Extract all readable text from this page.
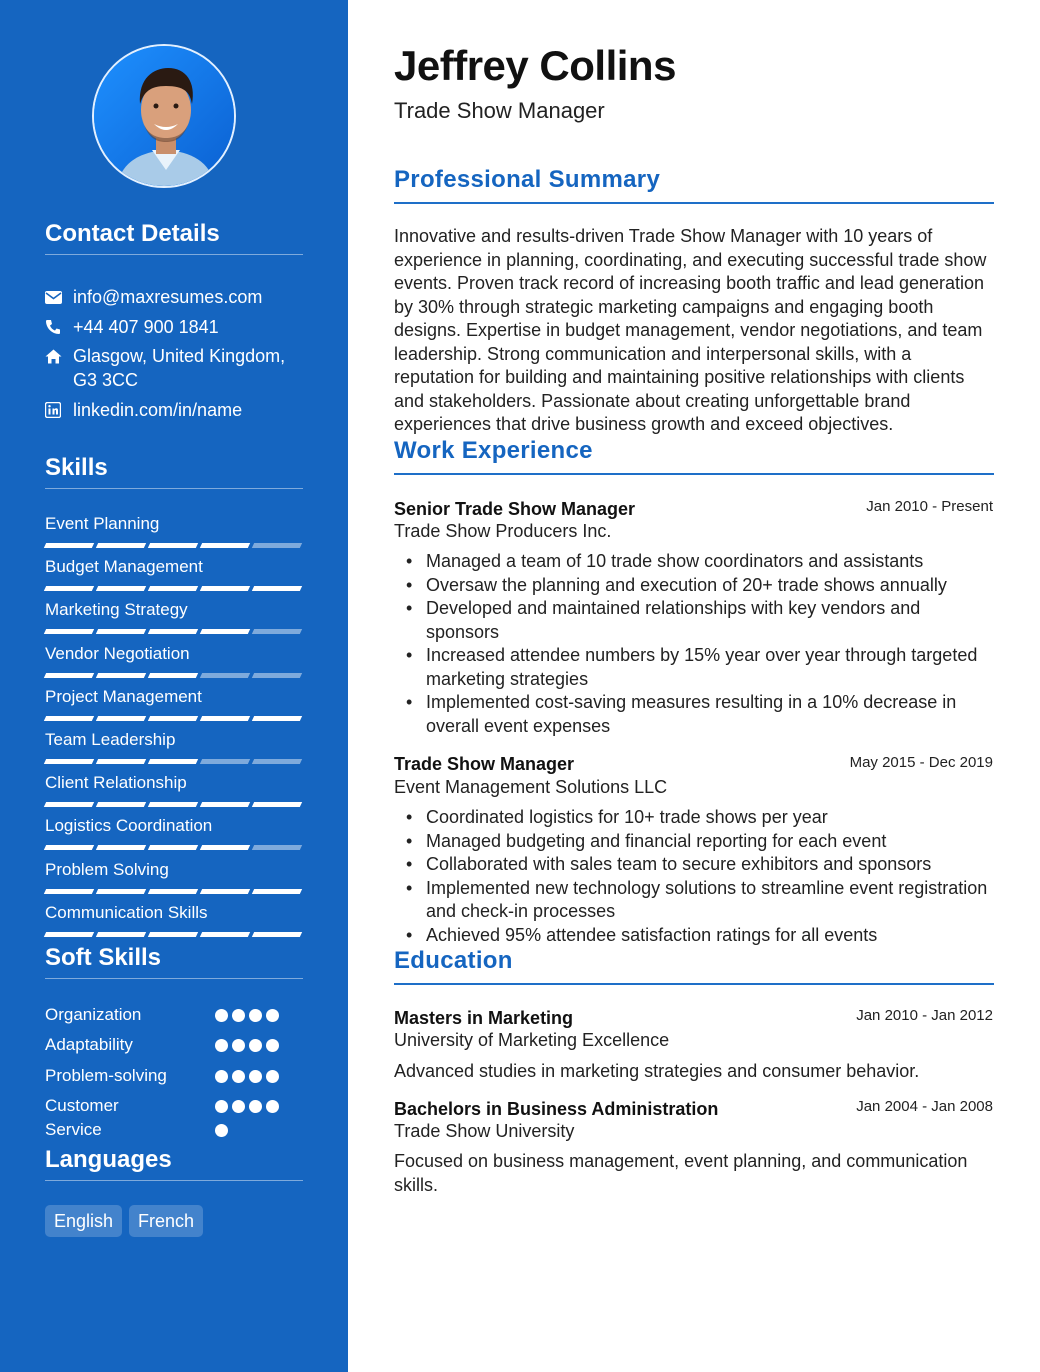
Contact Details
info@maxresumes.com
+44 407 900 1841
Glasgow, United Kingdom, G3 3CC
linkedin.com/in/name
Skills
Event Planning
Budget Management
Marketing Strategy
Vendor Negotiation
Project Management
Team Leadership
Client Relationship
Logistics Coordination
Problem Solving
Communication Skills
Soft Skills
Organization
Adaptability
Problem-solving
Customer Service
Languages
English	French
Jeffrey Collins
Trade Show Manager
Professional Summary
Innovative and results-driven Trade Show Manager with 10 years of experience in planning, coordinating, and executing successful trade show events. Proven track record of increasing booth traffic and lead generation by 30% through strategic marketing campaigns and engaging booth designs. Expertise in budget management, vendor negotiations, and team leadership. Strong communication and interpersonal skills, with a reputation for building and maintaining positive relationships with clients and stakeholders. Passionate about creating unforgettable brand experiences that drive business growth and exceed objectives.
Work Experience
Senior Trade Show Manager	Jan 2010 - Present
Trade Show Producers Inc.
• Managed a team of 10 trade show coordinators and assistants
• Oversaw the planning and execution of 20+ trade shows annually
• Developed and maintained relationships with key vendors and sponsors
• Increased attendee numbers by 15% year over year through targeted marketing strategies
• Implemented cost-saving measures resulting in a 10% decrease in overall event expenses
Trade Show Manager	May 2015 - Dec 2019
Event Management Solutions LLC
• Coordinated logistics for 10+ trade shows per year
• Managed budgeting and financial reporting for each event
• Collaborated with sales team to secure exhibitors and sponsors
• Implemented new technology solutions to streamline event registration and check-in processes
• Achieved 95% attendee satisfaction ratings for all events
Education
Masters in Marketing	Jan 2010 - Jan 2012
University of Marketing Excellence
Advanced studies in marketing strategies and consumer behavior.
Bachelors in Business Administration	Jan 2004 - Jan 2008
Trade Show University
Focused on business management, event planning, and communication skills.
